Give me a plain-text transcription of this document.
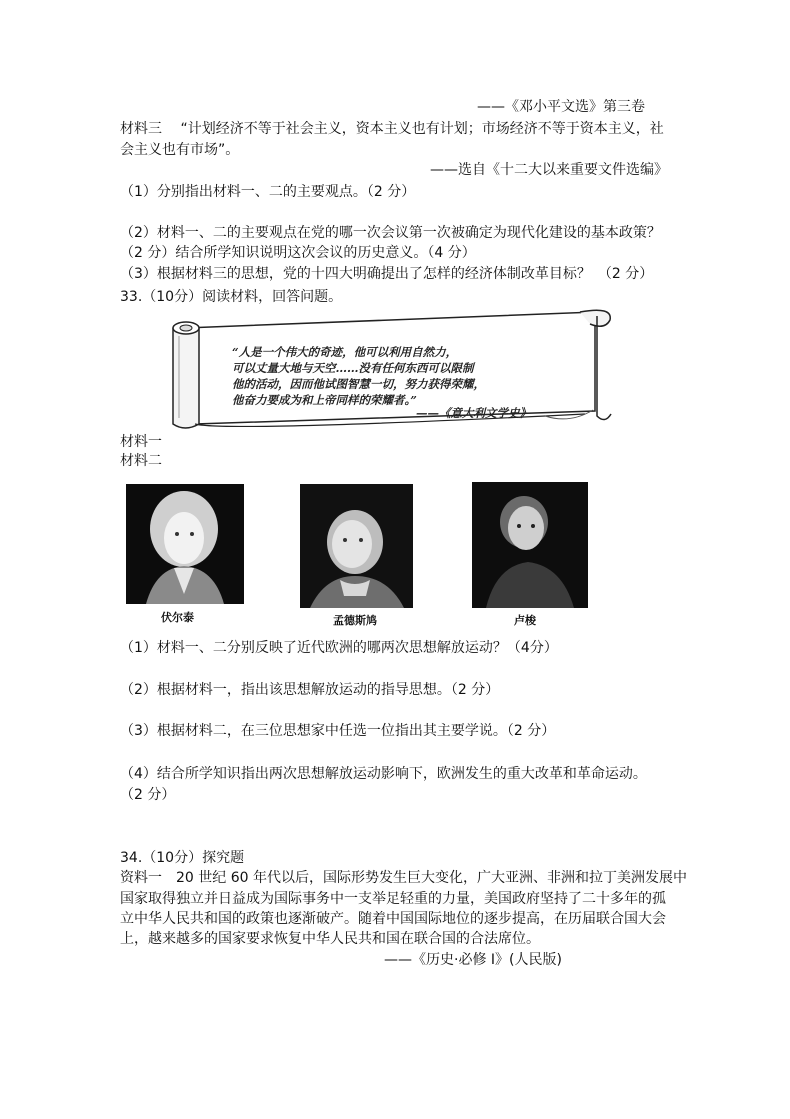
——《邓小平文选》第三卷
材料三　 “计划经济不等于社会主义，资本主义也有计划；市场经济不等于资本主义，社
会主义也有市场”。
——选自《十二大以来重要文件选编》
（1）分别指出材料一、二的主要观点。（2 分）
（2）材料一、二的主要观点在党的哪一次会议第一次被确定为现代化建设的基本政策？
（2 分）结合所学知识说明这次会议的历史意义。（4 分）
（3）根据材料三的思想，党的十四大明确提出了怎样的经济体制改革目标？　（2 分）
33.（10分）阅读材料，回答问题。
“人是一个伟大的奇迹，他可以利用自然力，
可以丈量大地与天空……没有任何东西可以限制
他的活动，因而他试图智慧一切，努力获得荣耀，
他奋力要成为和上帝同样的荣耀者。”
——《意大利文学史》
材料一
材料二
伏尔泰	孟德斯鸠	卢梭
（1）材料一、二分别反映了近代欧洲的哪两次思想解放运动？（4分）
（2）根据材料一，指出该思想解放运动的指导思想。（2 分）
（3）根据材料二，在三位思想家中任选一位指出其主要学说。（2 分）
（4）结合所学知识指出两次思想解放运动影响下，欧洲发生的重大改革和革命运动。
（2 分）
34.（10分）探究题
资料一　20 世纪 60 年代以后，国际形势发生巨大变化，广大亚洲、非洲和拉丁美洲发展中
国家取得独立并日益成为国际事务中一支举足轻重的力量，美国政府坚持了二十多年的孤
立中华人民共和国的政策也逐渐破产。随着中国国际地位的逐步提高，在历届联合国大会
上，越来越多的国家要求恢复中华人民共和国在联合国的合法席位。
——《历史·必修 Ⅰ》(人民版)
